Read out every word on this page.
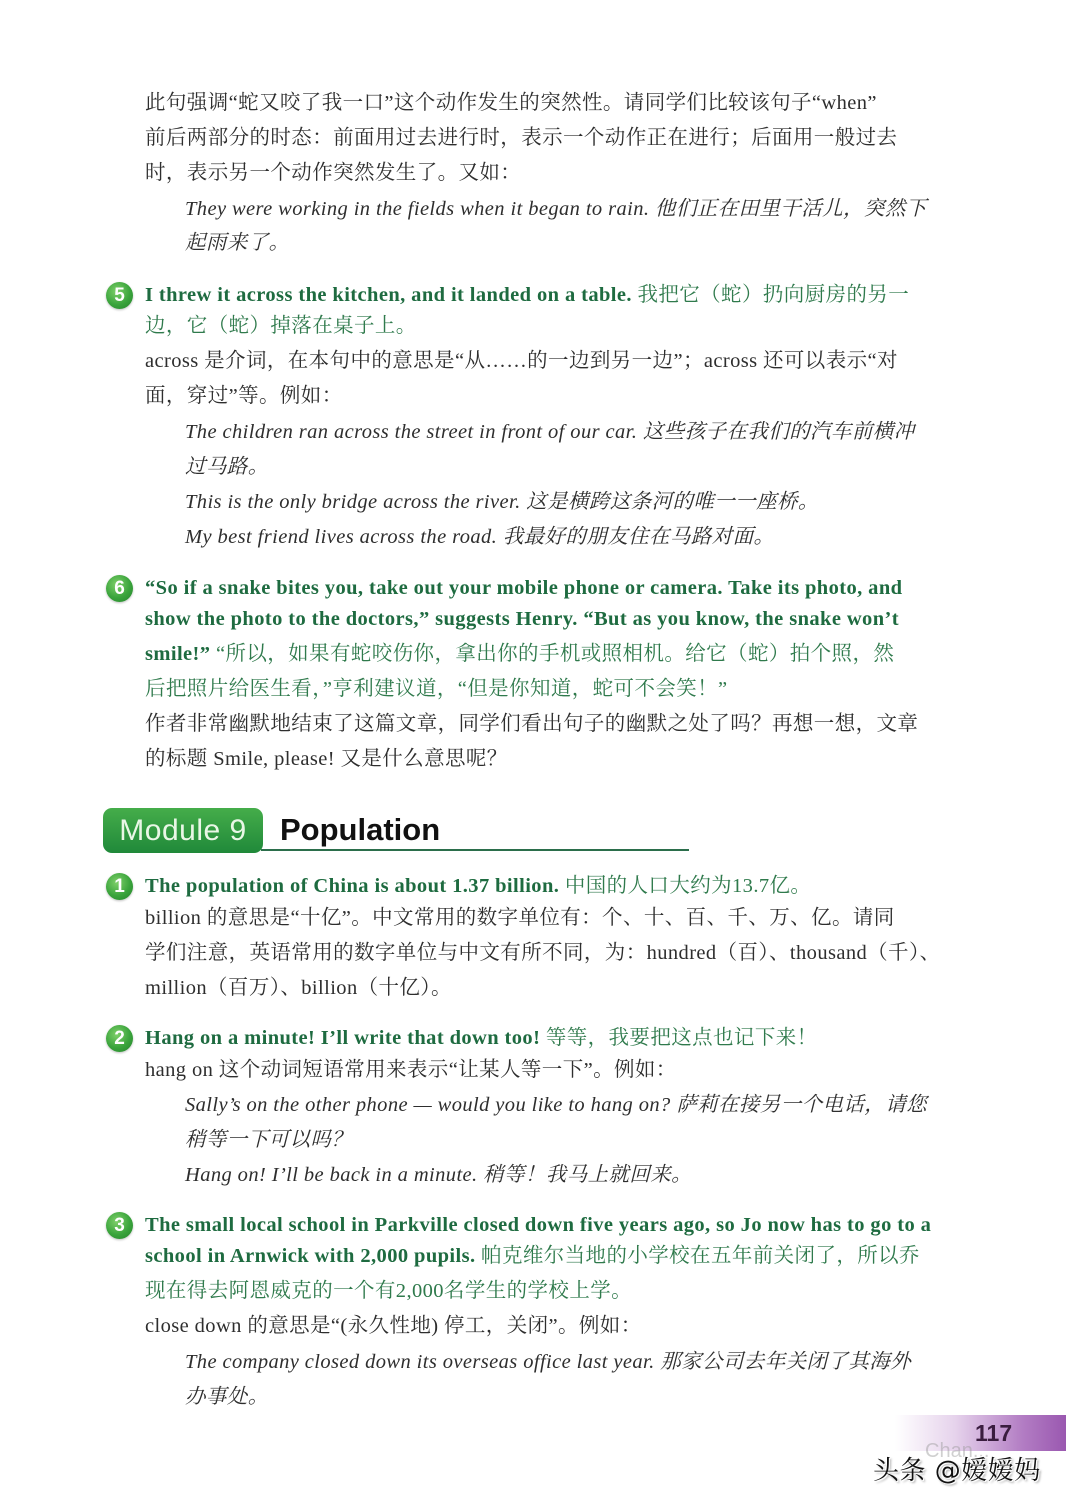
此句强调“蛇又咬了我一口”这个动作发生的突然性。请同学们比较该句子“when”
前后两部分的时态：前面用过去进行时，表示一个动作正在进行；后面用一般过去
时，表示另一个动作突然发生了。又如：
They were working in the fields when it began to rain. 他们正在田里干活儿，突然下
起雨来了。
5 I threw it across the kitchen, and it landed on a table. 我把它（蛇）扔向厨房的另一
边，它（蛇）掉落在桌子上。
across 是介词，在本句中的意思是“从……的一边到另一边”；across 还可以表示“对
面，穿过”等。例如：
The children ran across the street in front of our car. 这些孩子在我们的汽车前横冲
过马路。
This is the only bridge across the river. 这是横跨这条河的唯一一座桥。
My best friend lives across the road. 我最好的朋友住在马路对面。
6 “So if a snake bites you, take out your mobile phone or camera. Take its photo, and
show the photo to the doctors,” suggests Henry. “But as you know, the snake won’t
smile!” “所以，如果有蛇咬伤你，拿出你的手机或照相机。给它（蛇）拍个照，然
后把照片给医生看，”亨利建议道，“但是你知道，蛇可不会笑！”
作者非常幽默地结束了这篇文章，同学们看出句子的幽默之处了吗？再想一想，文章
的标题 Smile, please! 又是什么意思呢？
Module 9	Population
1 The population of China is about 1.37 billion. 中国的人口大约为13.7亿。
billion 的意思是“十亿”。中文常用的数字单位有：个、十、百、千、万、亿。请同
学们注意，英语常用的数字单位与中文有所不同，为：hundred（百）、thousand（千）、
million（百万）、billion（十亿）。
2 Hang on a minute! I’ll write that down too! 等等，我要把这点也记下来！
hang on 这个动词短语常用来表示“让某人等一下”。例如：
Sally’s on the other phone — would you like to hang on? 萨莉在接另一个电话，请您
稍等一下可以吗？
Hang on! I’ll be back in a minute. 稍等！我马上就回来。
3 The small local school in Parkville closed down five years ago, so Jo now has to go to a
school in Arnwick with 2,000 pupils. 帕克维尔当地的小学校在五年前关闭了，所以乔
现在得去阿恩威克的一个有2,000名学生的学校上学。
close down 的意思是“(永久性地) 停工，关闭”。例如：
The company closed down its overseas office last year. 那家公司去年关闭了其海外
办事处。
117
Chan...
头条 @嫒嫒妈
